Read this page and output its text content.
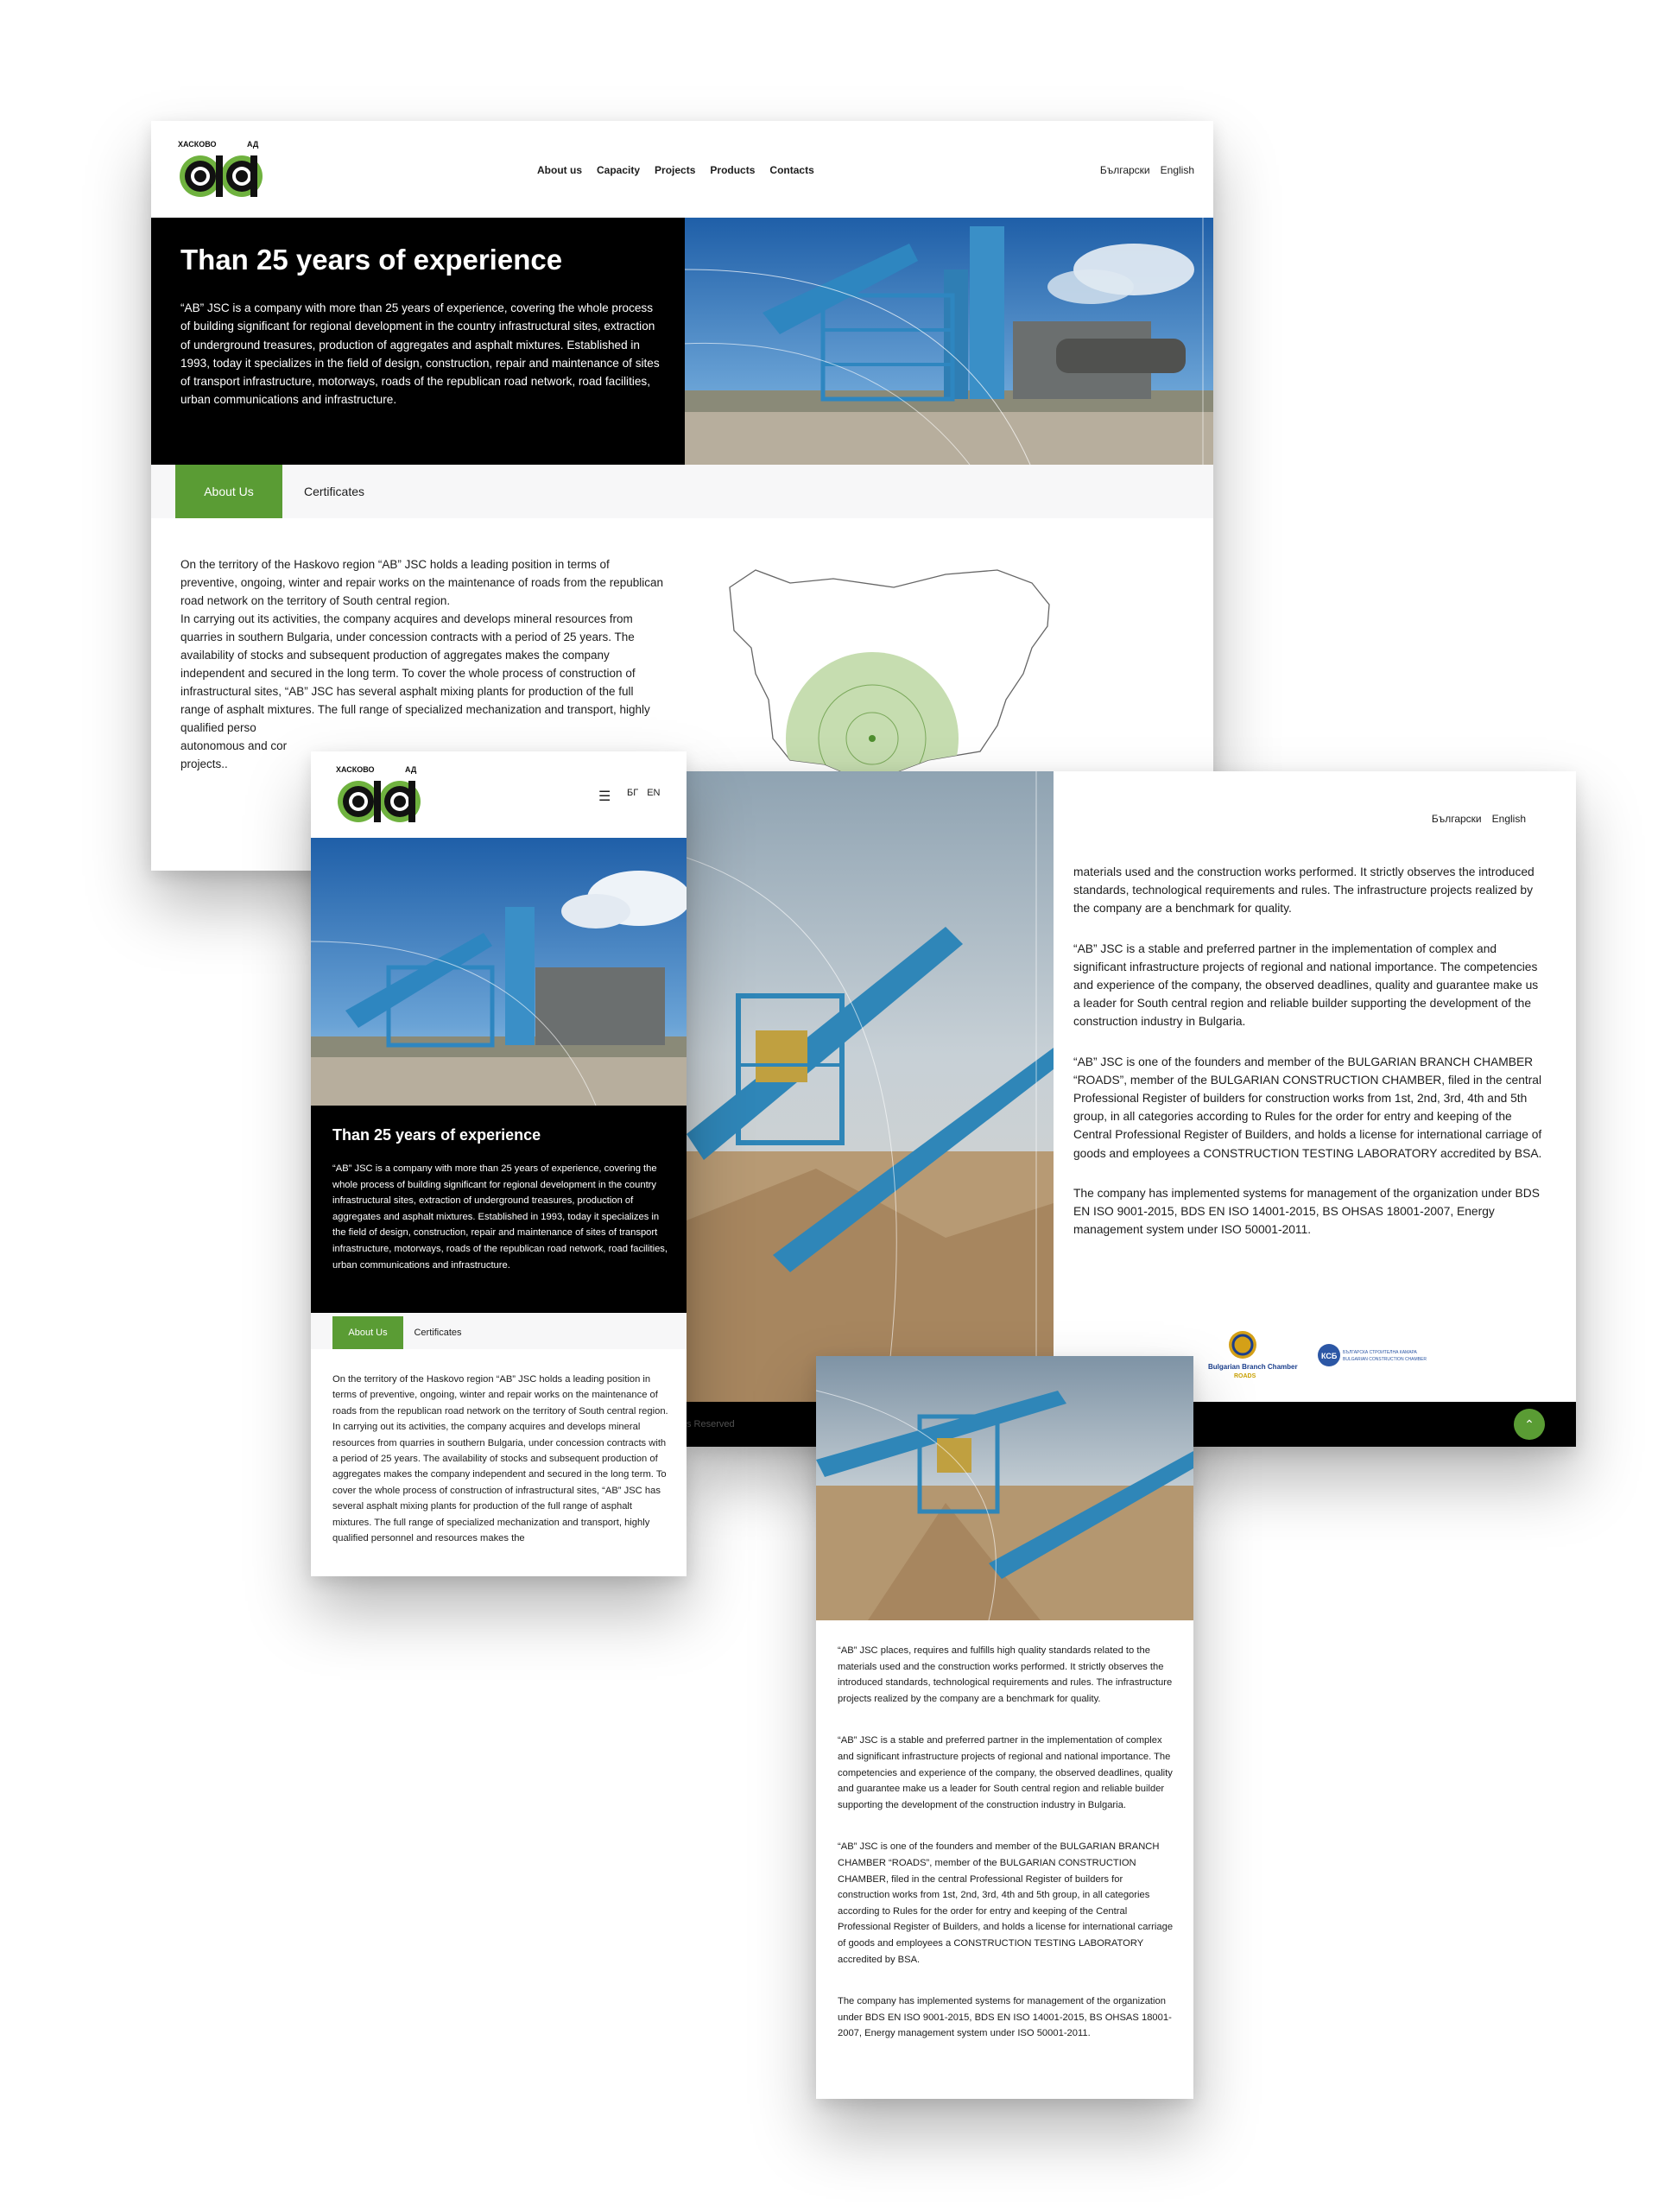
ХАСКОВО	АД
About us Capacity Projects Products Contacts	Български English
Than 25 years of experience

“AB” JSC is a company with more than 25 years of experience, covering the whole process of building significant for regional development in the country infrastructural sites, extraction of underground treasures, production of aggregates and asphalt mixtures. Established in 1993, today it specializes in the field of design, construction, repair and maintenance of sites of transport infrastructure, motorways, roads of the republican road network, road facilities, urban communications and infrastructure.

About Us	Certificates
On the territory of the Haskovo region “AB” JSC holds a leading position in terms of preventive, ongoing, winter and repair works on the maintenance of roads from the republican road network on the territory of South central region.
In carrying out its activities, the company acquires and develops mineral resources from quarries in southern Bulgaria, under concession contracts with a period of 25 years. The availability of stocks and subsequent production of aggregates makes the company independent and secured in the long term. To cover the whole process of construction of infrastructural sites, “AB” JSC has several asphalt mixing plants for production of the full range of asphalt mixtures. The full range of specialized mechanization and transport, highly qualified perso
autonomous and cor
projects..
Български English

materials used and the construction works performed. It strictly observes the introduced standards, technological requirements and rules. The infrastructure projects realized by the company are a benchmark for quality.

“AB” JSC is a stable and preferred partner in the implementation of complex and significant infrastructure projects of regional and national importance. The competencies and experience of the company, the observed deadlines, quality and guarantee make us a leader for South central region and reliable builder supporting the development of the construction industry in Bulgaria.

“AB” JSC is one of the founders and member of the BULGARIAN BRANCH CHAMBER “ROADS”, member of the BULGARIAN CONSTRUCTION CHAMBER, filed in the central Professional Register of builders for construction works from 1st, 2nd, 3rd, 4th and 5th group, in all categories according to Rules for the order for entry and keeping of the Central Professional Register of Builders, and holds a license for international carriage of goods and employees a CONSTRUCTION TESTING LABORATORY accredited by BSA.

The company has implemented systems for management of the organization under BDS EN ISO 9001-2015, BDS EN ISO 14001-2015, BS OHSAS 18001-2007, Energy management system under ISO 50001-2011.

Bulgarian Branch Chamber
ROADS
КСБ БЪЛГАРСКА СТРОИТЕЛНА КАМАРА
BULGARIAN CONSTRUCTION CHAMBER
s Reserved	⌃
ХАСКОВО	АД
☰ БГ EN
Than 25 years of experience

“AB” JSC is a company with more than 25 years of experience, covering the whole process of building significant for regional development in the country infrastructural sites, extraction of underground treasures, production of aggregates and asphalt mixtures. Established in 1993, today it specializes in the field of design, construction, repair and maintenance of sites of transport infrastructure, motorways, roads of the republican road network, road facilities, urban communications and infrastructure.

About Us	Certificates
On the territory of the Haskovo region “AB” JSC holds a leading position in terms of preventive, ongoing, winter and repair works on the maintenance of roads from the republican road network on the territory of South central region.
In carrying out its activities, the company acquires and develops mineral resources from quarries in southern Bulgaria, under concession contracts with a period of 25 years. The availability of stocks and subsequent production of aggregates makes the company independent and secured in the long term. To cover the whole process of construction of infrastructural sites, “AB” JSC has several asphalt mixing plants for production of the full range of asphalt mixtures. The full range of specialized mechanization and transport, highly qualified personnel and resources makes the

“AB” JSC places, requires and fulfills high quality standards related to the materials used and the construction works performed. It strictly observes the introduced standards, technological requirements and rules. The infrastructure projects realized by the company are a benchmark for quality.

“AB” JSC is a stable and preferred partner in the implementation of complex and significant infrastructure projects of regional and national importance. The competencies and experience of the company, the observed deadlines, quality and guarantee make us a leader for South central region and reliable builder supporting the development of the construction industry in Bulgaria.

“AB” JSC is one of the founders and member of the BULGARIAN BRANCH CHAMBER “ROADS”, member of the BULGARIAN CONSTRUCTION CHAMBER, filed in the central Professional Register of builders for construction works from 1st, 2nd, 3rd, 4th and 5th group, in all categories according to Rules for the order for entry and keeping of the Central Professional Register of Builders, and holds a license for international carriage of goods and employees a CONSTRUCTION TESTING LABORATORY accredited by BSA.

The company has implemented systems for management of the organization under BDS EN ISO 9001-2015, BDS EN ISO 14001-2015, BS OHSAS 18001-2007, Energy management system under ISO 50001-2011.
